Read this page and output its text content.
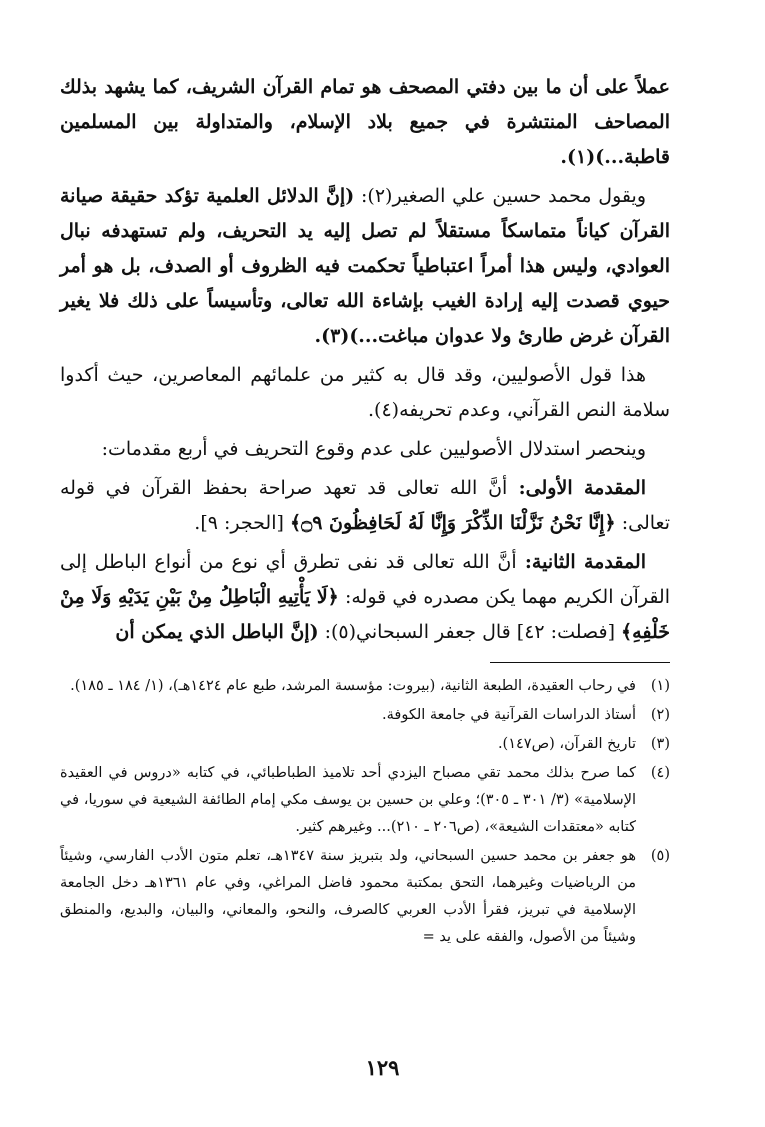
عملاً على أن ما بين دفتي المصحف هو تمام القرآن الشريف، كما يشهد بذلك المصاحف المنتشرة في جميع بلاد الإسلام، والمتداولة بين المسلمين قاطبة...)(١).

ويقول محمد حسين علي الصغير(٢): (إنَّ الدلائل العلمية تؤكد حقيقة صيانة القرآن كياناً متماسكاً مستقلاً لم تصل إليه يد التحريف، ولم تستهدفه نبال العوادي، وليس هذا أمراً اعتباطياً تحكمت فيه الظروف أو الصدف، بل هو أمر حيوي قصدت إليه إرادة الغيب بإشاءة الله تعالى، وتأسيساً على ذلك فلا يغير القرآن غرض طارئ ولا عدوان مباغت...)(٣).

هذا قول الأصوليين، وقد قال به كثير من علمائهم المعاصرين، حيث أكدوا سلامة النص القرآني، وعدم تحريفه(٤).

وينحصر استدلال الأصوليين على عدم وقوع التحريف في أربع مقدمات:

المقدمة الأولى: أنَّ الله تعالى قد تعهد صراحة بحفظ القرآن في قوله تعالى: ﴿إِنَّا نَحْنُ نَزَّلْنَا الذِّكْرَ وَإِنَّا لَهُ لَحَافِظُونَ ۝٩﴾ [الحجر: ٩].

المقدمة الثانية: أنَّ الله تعالى قد نفى تطرق أي نوع من أنواع الباطل إلى القرآن الكريم مهما يكن مصدره في قوله: ﴿لَا يَأْتِيهِ الْبَاطِلُ مِنْ بَيْنِ يَدَيْهِ وَلَا مِنْ خَلْفِهِ﴾ [فصلت: ٤٢] قال جعفر السبحاني(٥): (إنَّ الباطل الذي يمكن أن

(١)
في رحاب العقيدة، الطبعة الثانية، (بيروت: مؤسسة المرشد، طبع عام ١٤٢٤هـ)، (١/ ١٨٤ ـ ١٨٥).
(٢)
أستاذ الدراسات القرآنية في جامعة الكوفة.
(٣)
تاريخ القرآن، (ص١٤٧).
(٤)
كما صرح بذلك محمد تقي مصباح اليزدي أحد تلاميذ الطباطبائي، في كتابه «دروس في العقيدة الإسلامية» (٣/ ٣٠١ ـ ٣٠٥)؛ وعلي بن حسين بن يوسف مكي إمام الطائفة الشيعية في سوريا، في كتابه «معتقدات الشيعة»، (ص٢٠٦ ـ ٢١٠)... وغيرهم كثير.
(٥)
هو جعفر بن محمد حسين السبحاني، ولد بتبريز سنة ١٣٤٧هـ، تعلم متون الأدب الفارسي، وشيئاً من الرياضيات وغيرهما، التحق بمكتبة محمود فاضل المراغي، وفي عام ١٣٦١هـ دخل الجامعة الإسلامية في تبريز، فقرأ الأدب العربي كالصرف، والنحو، والمعاني، والبيان، والبديع، والمنطق وشيئاً من الأصول، والفقه على يد =
١٢٩
